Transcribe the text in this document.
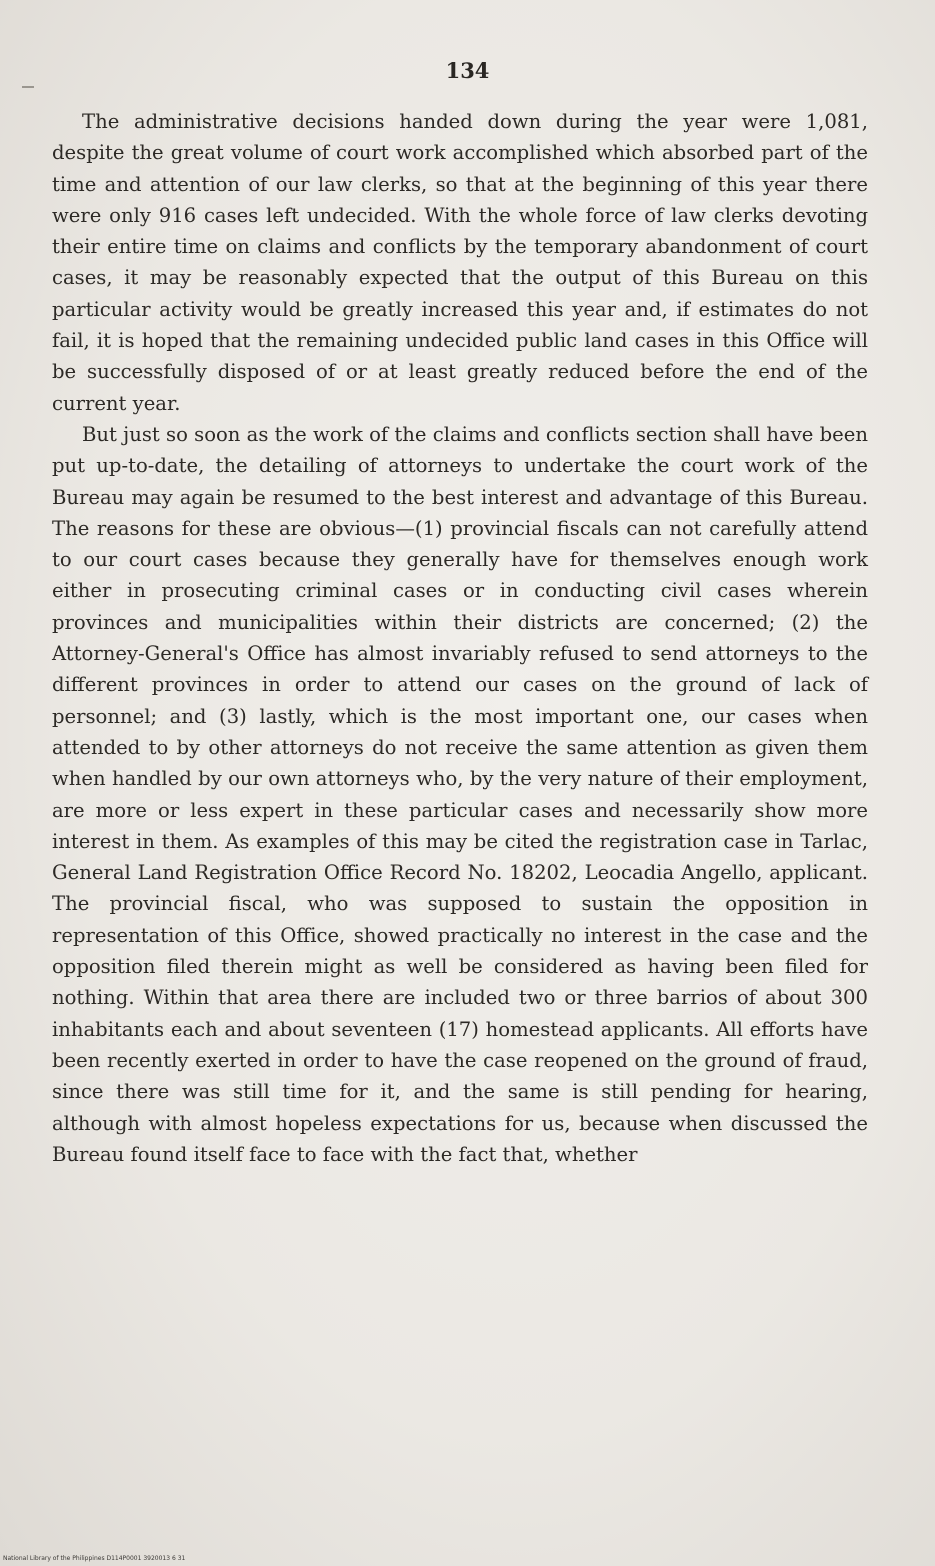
134

The administrative decisions handed down during the year were 1,081, despite the great volume of court work accomplished which absorbed part of the time and attention of our law clerks, so that at the beginning of this year there were only 916 cases left undecided. With the whole force of law clerks devoting their entire time on claims and conflicts by the temporary abandonment of court cases, it may be reasonably expected that the output of this Bureau on this particular activity would be greatly increased this year and, if estimates do not fail, it is hoped that the remaining undecided public land cases in this Office will be successfully disposed of or at least greatly reduced before the end of the current year.

But just so soon as the work of the claims and conflicts section shall have been put up-to-date, the detailing of attorneys to undertake the court work of the Bureau may again be resumed to the best interest and advantage of this Bureau. The reasons for these are obvious—(1) provincial fiscals can not carefully attend to our court cases because they generally have for themselves enough work either in prosecuting criminal cases or in conducting civil cases wherein provinces and municipalities within their districts are concerned; (2) the Attorney-General's Office has almost invariably refused to send attorneys to the different provinces in order to attend our cases on the ground of lack of personnel; and (3) lastly, which is the most important one, our cases when attended to by other attorneys do not receive the same attention as given them when handled by our own attorneys who, by the very nature of their employment, are more or less expert in these particular cases and necessarily show more interest in them. As examples of this may be cited the registration case in Tarlac, General Land Registration Office Record No. 18202, Leocadia Angello, applicant. The provincial fiscal, who was supposed to sustain the opposition in representation of this Office, showed practically no interest in the case and the opposition filed therein might as well be considered as having been filed for nothing. Within that area there are included two or three barrios of about 300 inhabitants each and about seventeen (17) homestead applicants. All efforts have been recently exerted in order to have the case reopened on the ground of fraud, since there was still time for it, and the same is still pending for hearing, although with almost hopeless expectations for us, because when discussed the Bureau found itself face to face with the fact that, whether

National Library of the Philippines D114P0001 3920013 6 31
